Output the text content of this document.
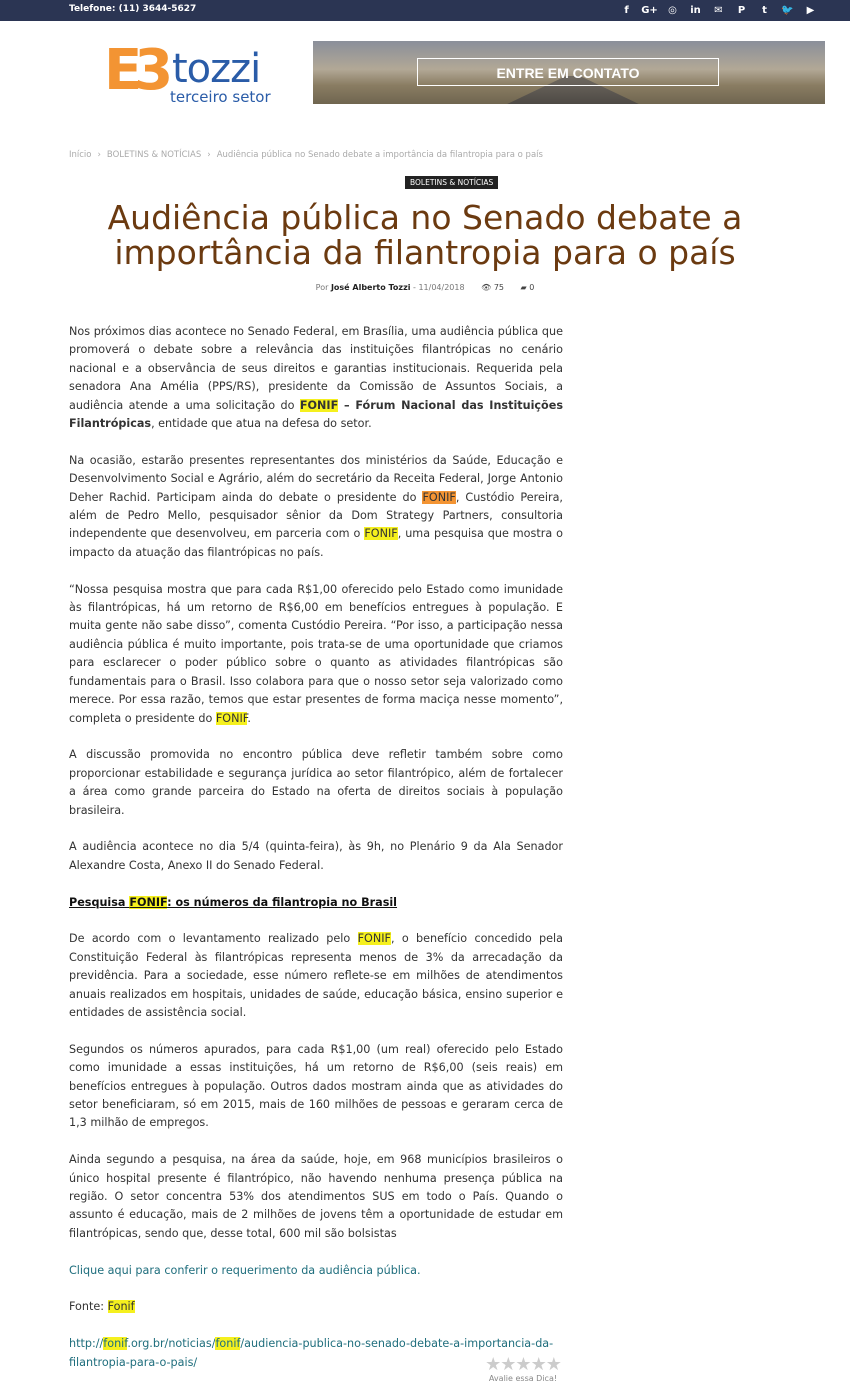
Telefone: (11) 3644-5627	f	G+	◎	in	✉	P	t	🐦	▶
E3 tozzi
terceiro setor
ENTRE EM CONTATO
Início › BOLETINS & NOTÍCIAS › Audiência pública no Senado debate a importância da filantropia para o país
BOLETINS & NOTÍCIAS
Audiência pública no Senado debate a importância da filantropia para o país
Por José Alberto Tozzi - 11/04/2018 👁 75 ▰ 0

Nos próximos dias acontece no Senado Federal, em Brasília, uma audiência pública que promoverá o debate sobre a relevância das instituições filantrópicas no cenário nacional e a observância de seus direitos e garantias institucionais. Requerida pela senadora Ana Amélia (PPS/RS), presidente da Comissão de Assuntos Sociais, a audiência atende a uma solicitação do FONIF – Fórum Nacional das Instituições Filantrópicas, entidade que atua na defesa do setor.

Na ocasião, estarão presentes representantes dos ministérios da Saúde, Educação e Desenvolvimento Social e Agrário, além do secretário da Receita Federal, Jorge Antonio Deher Rachid. Participam ainda do debate o presidente do FONIF, Custódio Pereira, além de Pedro Mello, pesquisador sênior da Dom Strategy Partners, consultoria independente que desenvolveu, em parceria com o FONIF, uma pesquisa que mostra o impacto da atuação das filantrópicas no país.

“Nossa pesquisa mostra que para cada R$1,00 oferecido pelo Estado como imunidade às filantrópicas, há um retorno de R$6,00 em benefícios entregues à população. E muita gente não sabe disso”, comenta Custódio Pereira. “Por isso, a participação nessa audiência pública é muito importante, pois trata-se de uma oportunidade que criamos para esclarecer o poder público sobre o quanto as atividades filantrópicas são fundamentais para o Brasil. Isso colabora para que o nosso setor seja valorizado como merece. Por essa razão, temos que estar presentes de forma maciça nesse momento”, completa o presidente do FONIF.

A discussão promovida no encontro pública deve refletir também sobre como proporcionar estabilidade e segurança jurídica ao setor filantrópico, além de fortalecer a área como grande parceira do Estado na oferta de direitos sociais à população brasileira.

A audiência acontece no dia 5/4 (quinta-feira), às 9h, no Plenário 9 da Ala Senador Alexandre Costa, Anexo II do Senado Federal.

Pesquisa FONIF: os números da filantropia no Brasil

De acordo com o levantamento realizado pelo FONIF, o benefício concedido pela Constituição Federal às filantrópicas representa menos de 3% da arrecadação da previdência. Para a sociedade, esse número reflete-se em milhões de atendimentos anuais realizados em hospitais, unidades de saúde, educação básica, ensino superior e entidades de assistência social.

Segundos os números apurados, para cada R$1,00 (um real) oferecido pelo Estado como imunidade a essas instituições, há um retorno de R$6,00 (seis reais) em benefícios entregues à população. Outros dados mostram ainda que as atividades do setor beneficiaram, só em 2015, mais de 160 milhões de pessoas e geraram cerca de 1,3 milhão de empregos.

Ainda segundo a pesquisa, na área da saúde, hoje, em 968 municípios brasileiros o único hospital presente é filantrópico, não havendo nenhuma presença pública na região. O setor concentra 53% dos atendimentos SUS em todo o País. Quando o assunto é educação, mais de 2 milhões de jovens têm a oportunidade de estudar em filantrópicas, sendo que, desse total, 600 mil são bolsistas

Clique aqui para conferir o requerimento da audiência pública.

Fonte: Fonif

http://fonif.org.br/noticias/fonif/audiencia-publica-no-senado-debate-a-importancia-da-filantropia-para-o-pais/	★★★★★
Avalie essa Dica!
